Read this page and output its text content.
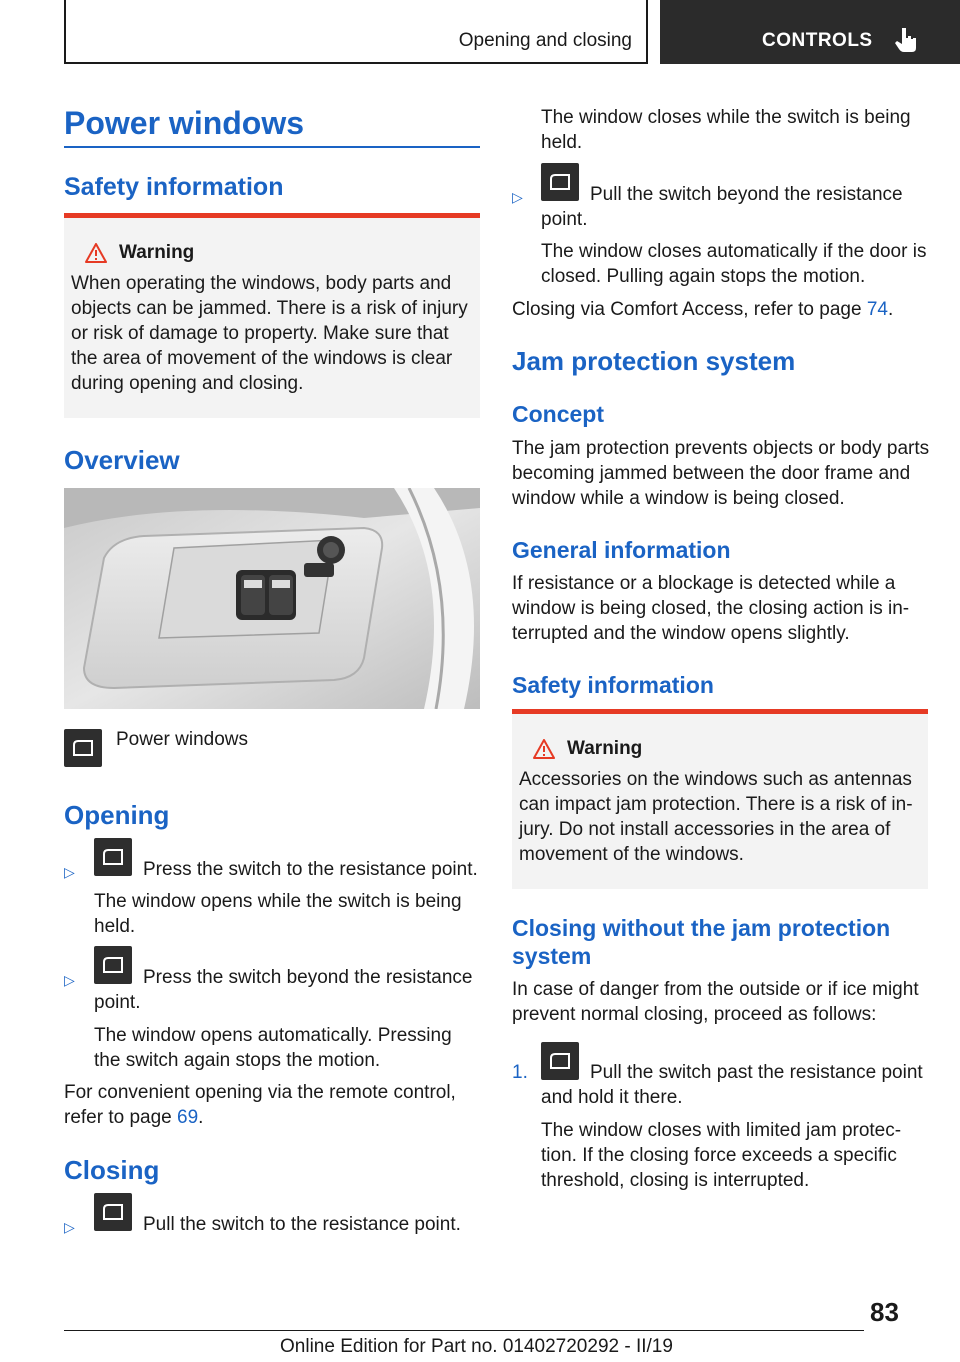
Opening and closing	CONTROLS
Power windows
Safety information
Warning

When operating the windows, body parts and objects can be jammed. There is a risk of injury or risk of damage to property. Make sure that the area of movement of the windows is clear during opening and closing.

Overview
Power windows
Opening
▷	Press the switch to the resistance point.
The window opens while the switch is being held.
▷	Press the switch beyond the resistance point.
The window opens automatically. Pressing the switch again stops the motion.
For convenient opening via the remote control, refer to page 69.
Closing
▷	Pull the switch to the resistance point.
The window closes while the switch is being held.
▷	Pull the switch beyond the resistance point.
The window closes automatically if the door is closed. Pulling again stops the motion.
Closing via Comfort Access, refer to page 74.
Jam protection system
Concept
The jam protection prevents objects or body parts becoming jammed between the door frame and window while a window is being closed.
General information
If resistance or a blockage is detected while a window is being closed, the closing action is in-terrupted and the window opens slightly.
Safety information
Warning

Accessories on the windows such as antennas can impact jam protection. There is a risk of in-jury. Do not install accessories in the area of movement of the windows.

Closing without the jam protection system
In case of danger from the outside or if ice might prevent normal closing, proceed as follows:
1.	Pull the switch past the resistance point and hold it there.
The window closes with limited jam protec-tion. If the closing force exceeds a specific threshold, closing is interrupted.
83
Online Edition for Part no. 01402720292 - II/19
